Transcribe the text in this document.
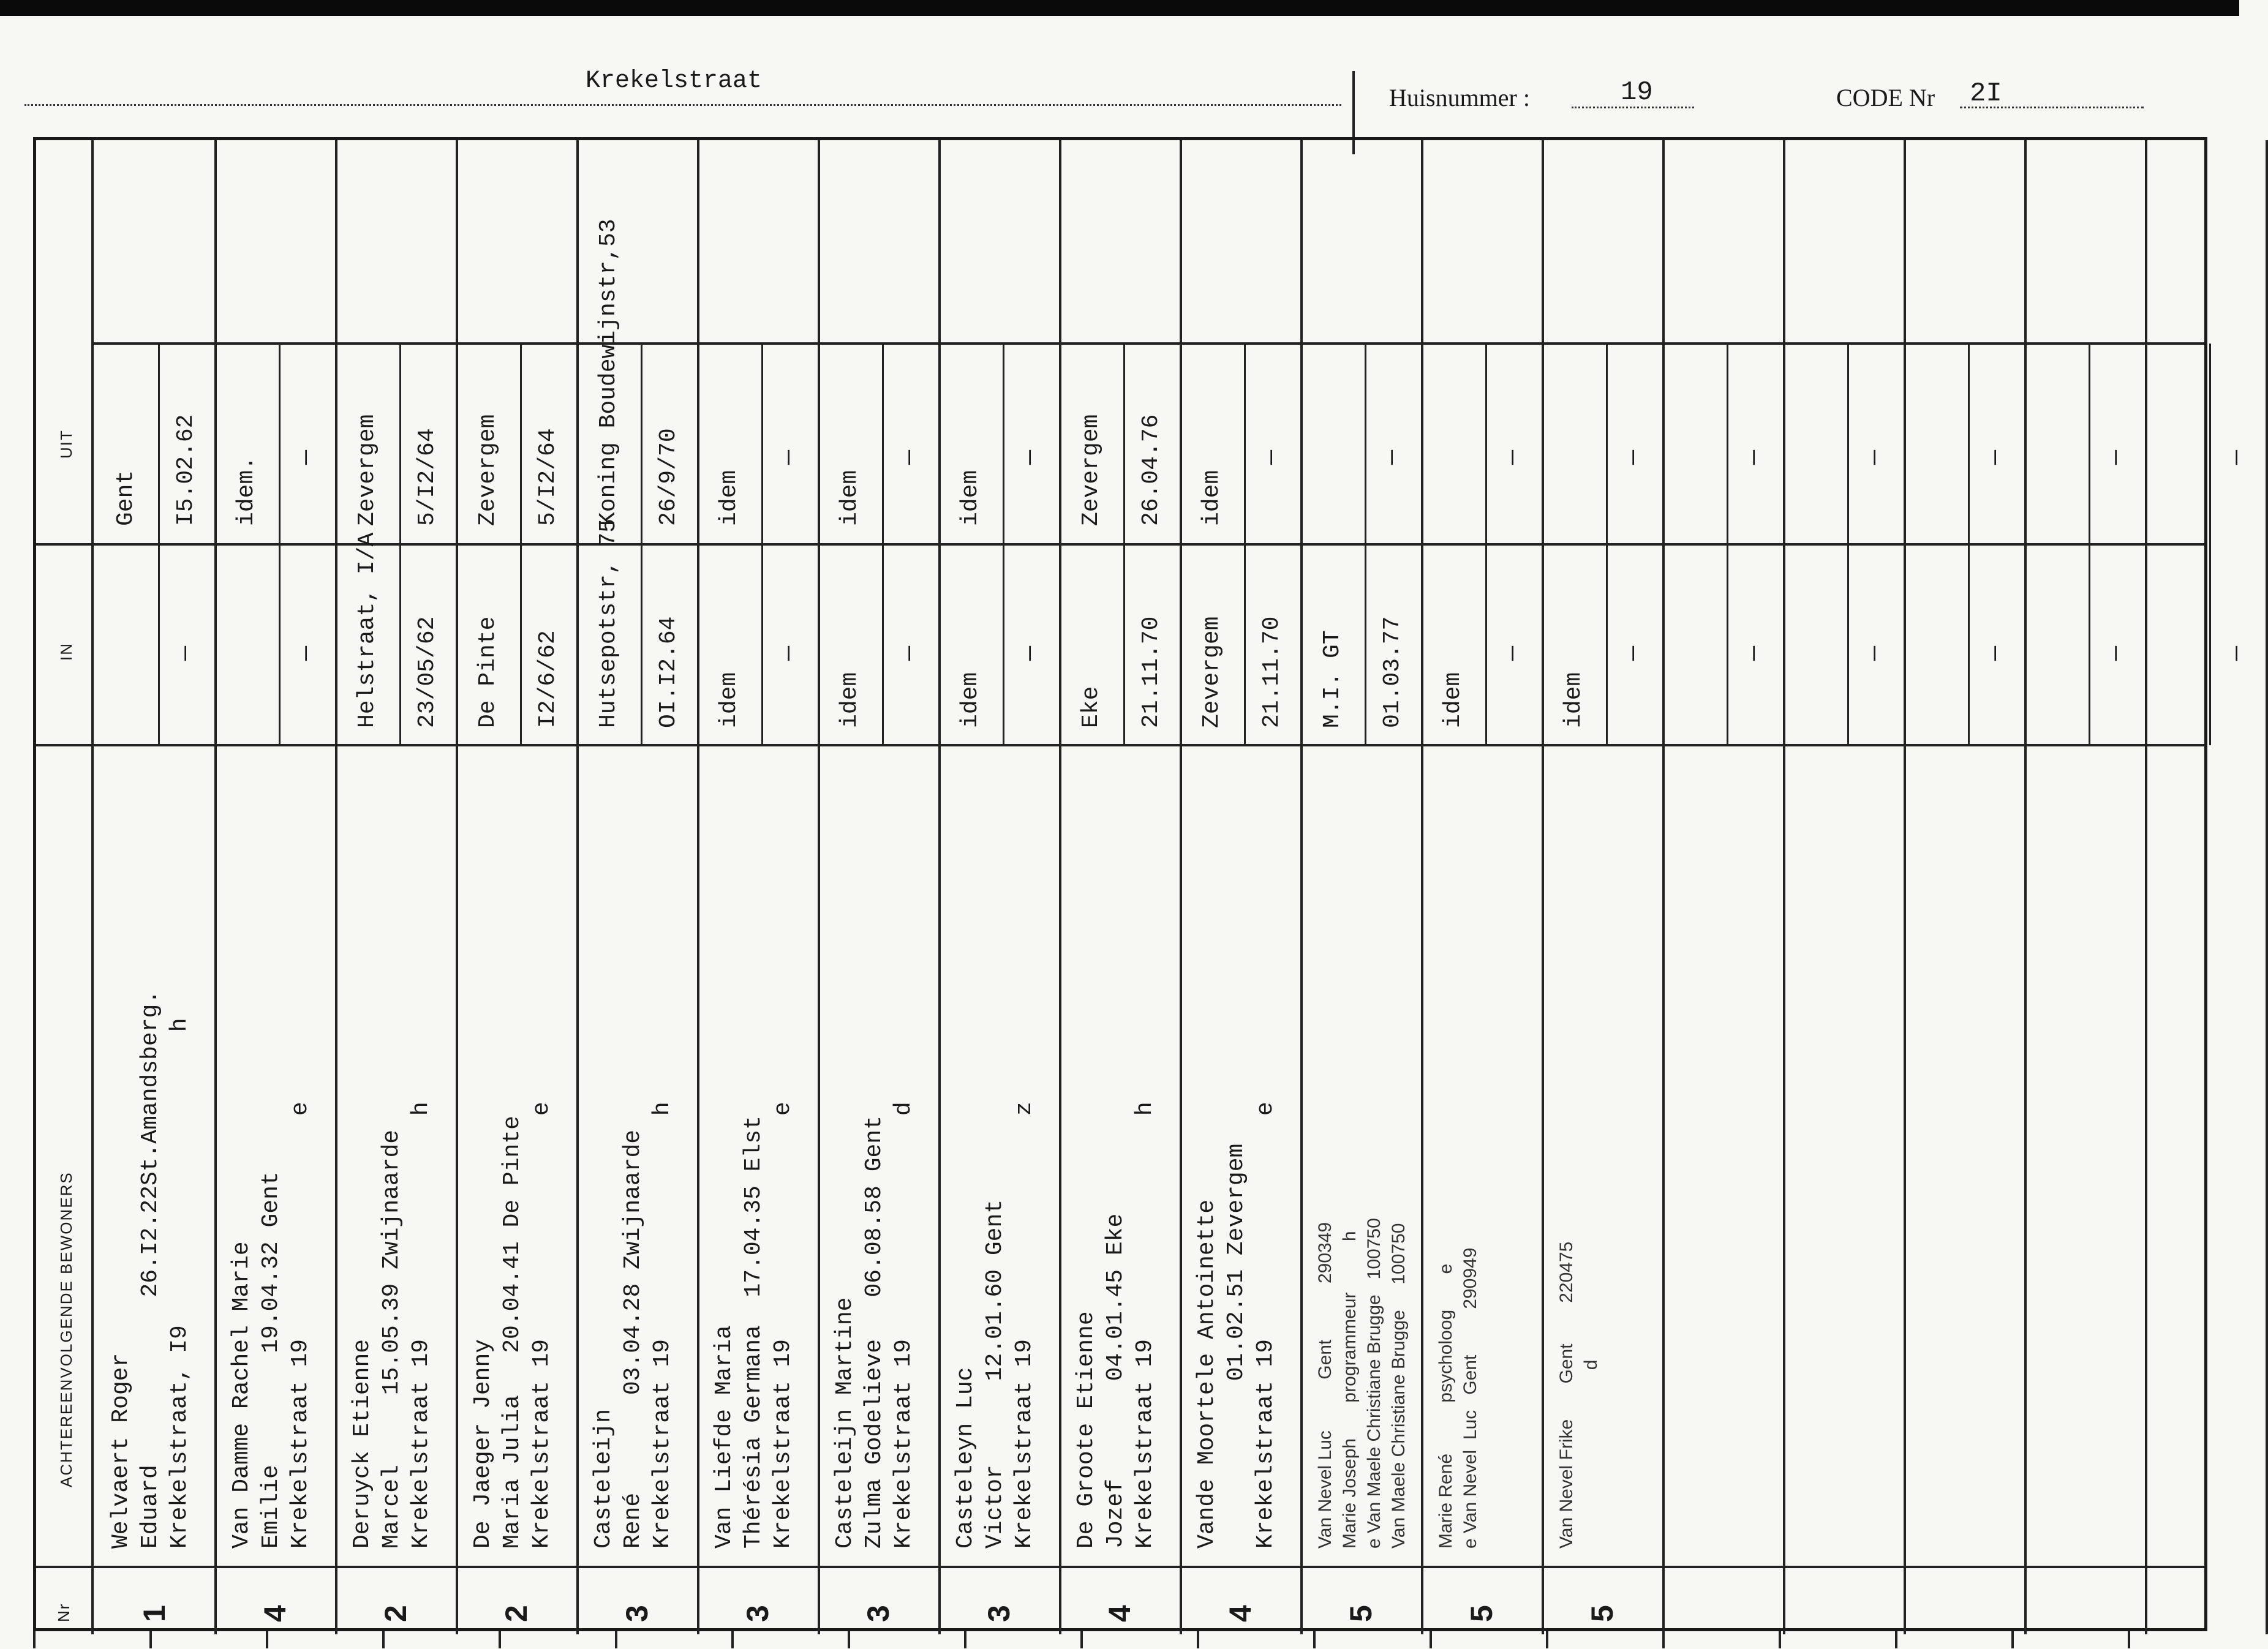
Krekelstraat
Huisnummer :	19	CODE Nr 2I
Nr
ACHTEREENVOLGENDE BEWONERS
IN
UIT
1
Welvaert Roger Eduard            26.I2.22St.Amandsberg. Krekelstraat, I9                     h
—
Gent I5.02.62
4
Van Damme Rachel Marie Emilie        19.04.32 Gent Krekelstraat 19                e
—
idem. —
2
Deruyck Etienne Marcel     15.05.39 Zwijnaarde Krekelstraat 19                h
Helstraat, I/A 23/05/62
Zevergem 5/I2/64
2
De Jaeger Jenny Maria Julia   20.04.41 De Pinte Krekelstraat 19                e
De Pinte I2/6/62
Zevergem 5/I2/64
3
Casteleijn René       03.04.28 Zwijnaarde Krekelstraat 19                h
Hutsepotstr, 75 OI.I2.64
Koning Boudewijnstr,53 26/9/70
3
Van Liefde Maria Thérésia Germana  17.04.35 Elst Krekelstraat 19                e
idem
—
idem
—
3
Casteleijn Martine Zulma Godelieve   06.08.58 Gent Krekelstraat 19                d
idem
—
idem
—
3
Casteleyn Luc Victor      12.01.60 Gent Krekelstraat 19                z
idem
—
idem
—
4
De Groote Etienne Jozef       04.01.45 Eke Krekelstraat 19                h
Eke 21.11.70
Zevergem 26.04.76
4
Vande Moortele Antoinette 01.02.51 Zevergem Krekelstraat 19                e
Zevergem 21.11.70
idem
—
5
Van Nevel Luc          Gent           290349 Marie Joseph       programmeur          h e Van Maele Christiane Brugge   100750 Van Maele Christiane Brugge     100750
M.I. GT 01.03.77
—
5
Marie René          psycholoog       e e Van Nevel  Luc   Gent         290949
idem
—
—
5
Van Nevel Frike       Gent        220475 d
idem
—
—
—
—
—
—
—
—
—
—
—
—
